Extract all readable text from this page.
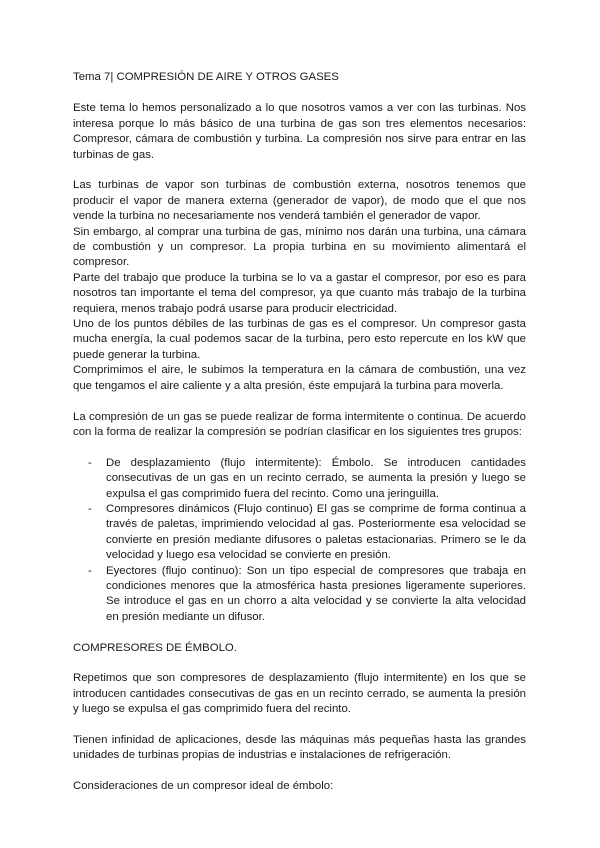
Tema 7| COMPRESIÓN DE AIRE Y OTROS GASES

Este tema lo hemos personalizado a lo que nosotros vamos a ver con las turbinas. Nos interesa porque lo más básico de una turbina de gas son tres elementos necesarios: Compresor, cámara de combustión y turbina. La compresión nos sirve para entrar en las turbinas de gas.

Las turbinas de vapor son turbinas de combustión externa, nosotros tenemos que producir el vapor de manera externa (generador de vapor), de modo que el que nos vende la turbina no necesariamente nos venderá también el generador de vapor.

Sin embargo, al comprar una turbina de gas, mínimo nos darán una turbina, una cámara de combustión y un compresor. La propia turbina en su movimiento alimentará el compresor.

Parte del trabajo que produce la turbina se lo va a gastar el compresor, por eso es para nosotros tan importante el tema del compresor, ya que cuanto más trabajo de la turbina requiera, menos trabajo podrá usarse para producir electricidad.

Uno de los puntos débiles de las turbinas de gas es el compresor. Un compresor gasta mucha energía, la cual podemos sacar de la turbina, pero esto repercute en los kW que puede generar la turbina.

Comprimimos el aire, le subimos la temperatura en la cámara de combustión, una vez que tengamos el aire caliente y a alta presión, éste empujará la turbina para moverla.

La compresión de un gas se puede realizar de forma intermitente o continua. De acuerdo con la forma de realizar la compresión se podrían clasificar en los siguientes tres grupos:

- De desplazamiento (flujo intermitente): Émbolo. Se introducen cantidades consecutivas de un gas en un recinto cerrado, se aumenta la presión y luego se expulsa el gas comprimido fuera del recinto. Como una jeringuilla.
- Compresores dinámicos (Flujo continuo) El gas se comprime de forma continua a través de paletas, imprimiendo velocidad al gas. Posteriormente esa velocidad se convierte en presión mediante difusores o paletas estacionarias. Primero se le da velocidad y luego esa velocidad se convierte en presión.
- Eyectores (flujo continuo): Son un tipo especial de compresores que trabaja en condiciones menores que la atmosférica hasta presiones ligeramente superiores. Se introduce el gas en un chorro a alta velocidad y se convierte la alta velocidad en presión mediante un difusor.

COMPRESORES DE ÉMBOLO.

Repetimos que son compresores de desplazamiento (flujo intermitente) en los que se introducen cantidades consecutivas de gas en un recinto cerrado, se aumenta la presión y luego se expulsa el gas comprimido fuera del recinto.

Tienen infinidad de aplicaciones, desde las máquinas más pequeñas hasta las grandes unidades de turbinas propias de industrias e instalaciones de refrigeración.

Consideraciones de un compresor ideal de émbolo:
